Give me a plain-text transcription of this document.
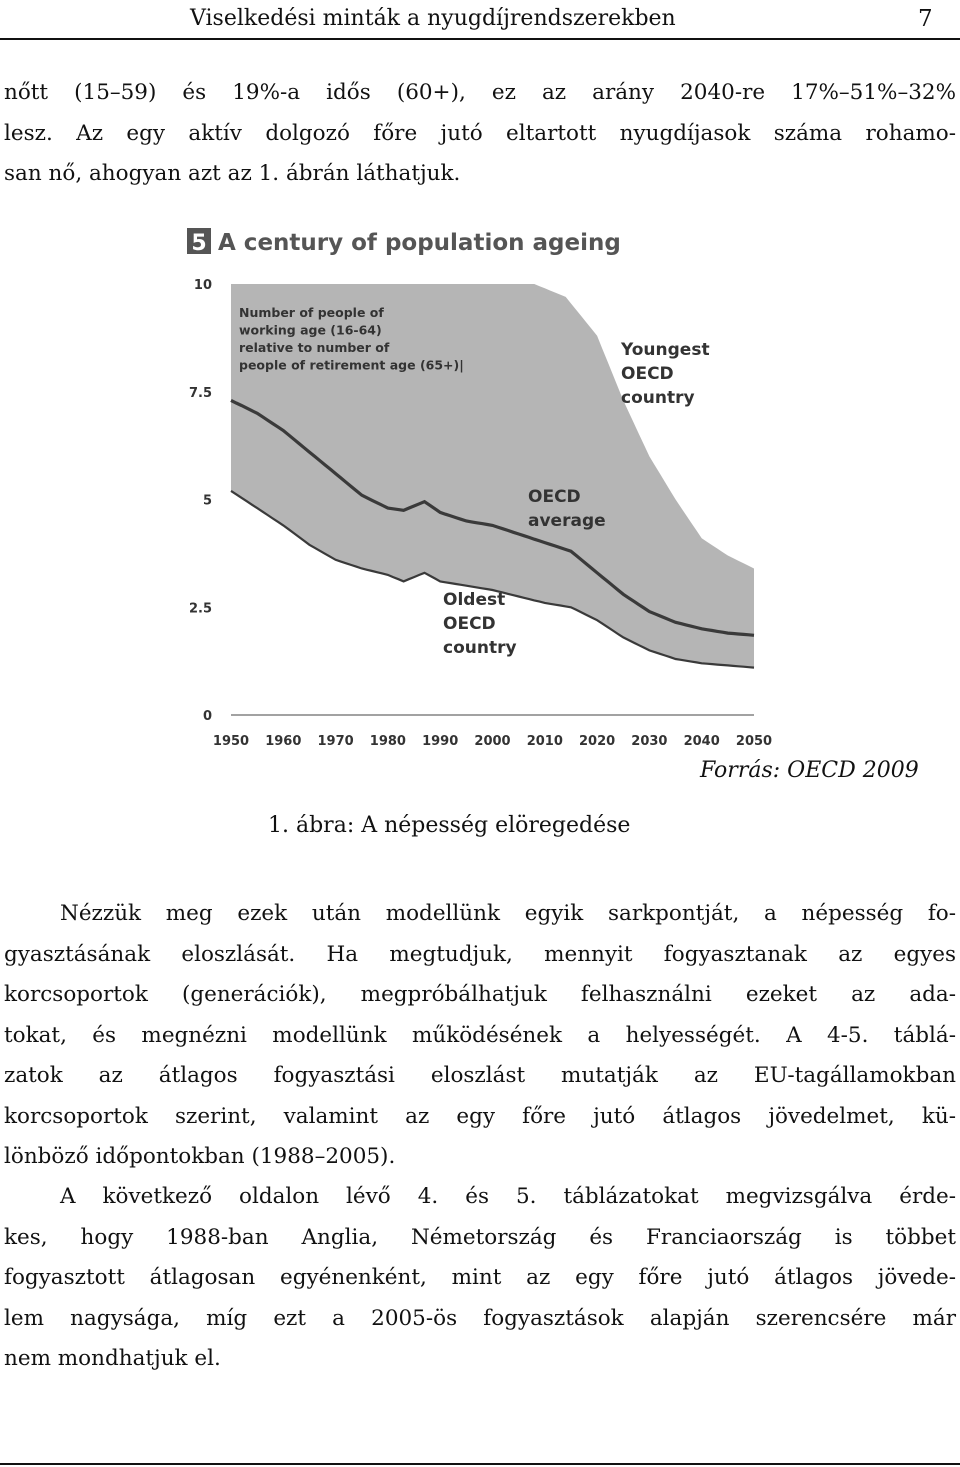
Viselkedési minták a nyugdíjrendszerekben	7
nőtt (15–59) és 19%-a idős (60+), ez az arány 2040-re 17%–51%–32%
lesz. Az egy aktív dolgozó főre jutó eltartott nyugdíjasok száma rohamo-
san nő, ahogyan azt az 1. ábrán láthatjuk.
5 A century of population ageing
10
7.5
5
2.5
0
1950 1960 1970 1980 1990 2000 2010 2020 2030 2040 2050
Number of people of
working age (16-64)
relative to number of
people of retirement age (65+)|
Youngest
OECD
country
OECD
average
Oldest
OECD
country
Forrás: OECD 2009
1. ábra: A népesség elöregedése
Nézzük meg ezek után modellünk egyik sarkpontját, a népesség fo-
gyasztásának eloszlását. Ha megtudjuk, mennyit fogyasztanak az egyes
korcsoportok (generációk), megpróbálhatjuk felhasználni ezeket az ada-
tokat, és megnézni modellünk működésének a helyességét. A 4-5. táblá-
zatok az átlagos fogyasztási eloszlást mutatják az EU-tagállamokban
korcsoportok szerint, valamint az egy főre jutó átlagos jövedelmet, kü-
lönböző időpontokban (1988–2005).
A következő oldalon lévő 4. és 5. táblázatokat megvizsgálva érde-
kes, hogy 1988-ban Anglia, Németország és Franciaország is többet
fogyasztott átlagosan egyénenként, mint az egy főre jutó átlagos jövede-
lem nagysága, míg ezt a 2005-ös fogyasztások alapján szerencsére már
nem mondhatjuk el.
